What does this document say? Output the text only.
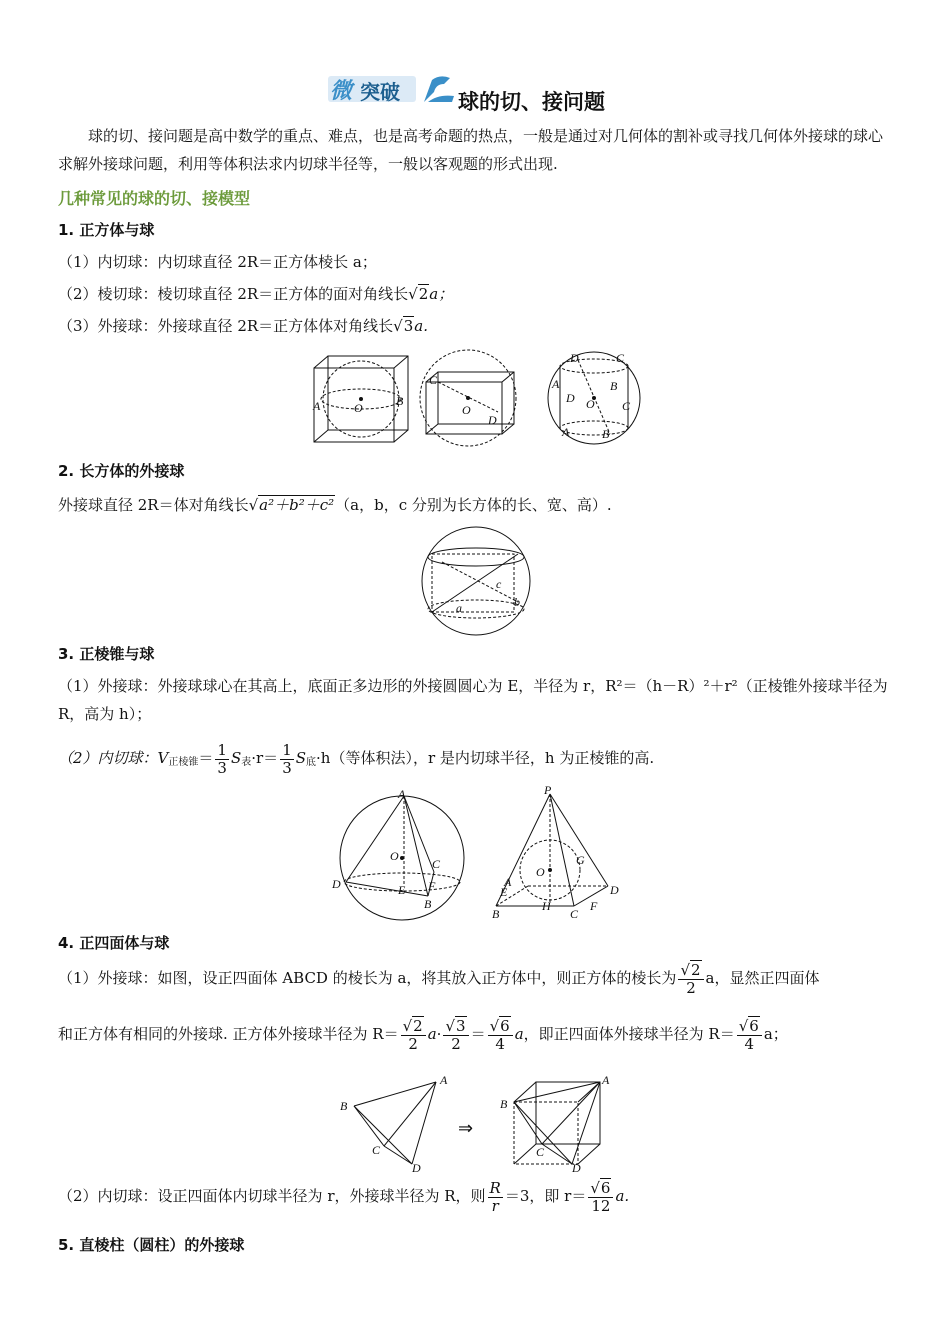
微 突破	球的切、接问题
球的切、接问题是高中数学的重点、难点，也是高考命题的热点，一般是通过对几何体的割补或寻找几何体外接球的球心求解外接球问题，利用等体积法求内切球半径等，一般以客观题的形式出现.
几种常见的球的切、接模型
1. 正方体与球
（1）内切球：内切球直径 2R＝正方体棱长 a；
（2）棱切球：棱切球直径 2R＝正方体的面对角线长√2a；
（3）外接球：外接球直径 2R＝正方体体对角线长√3a.
A	B
O
C
O
D
D	C
A	B
D O C
A	B
2. 长方体的外接球
外接球直径 2R＝体对角线长√a²＋b²＋c²（a，b，c 分别为长方体的长、宽、高）.
c
a	b
3. 正棱锥与球
（1）外接球：外接球球心在其高上，底面正多边形的外接圆圆心为 E，半径为 r，R²＝（h－R）²＋r²（正棱锥外接球半径为 R，高为 h）；
（2）内切球：$V_{正棱锥}= \frac{1}{3} S_表\cdot r= \frac{1}{3} S_底\cdot h$（等体积法），r 是内切球半径，h 为正棱锥的高.
A
O
C
D	E F
B
P
O
G
A
E	D
B
H
C
F
4. 正四面体与球
（1）外接球：如图，设正四面体 ABCD 的棱长为 a，将其放入正方体中，则正方体的棱长为 $\frac{√2}{2}$ a，显然正四面体
和正方体有相同的外接球. 正方体外接球半径为 $R= \frac{√2}{2} a\cdot \frac{√3}{2} = \frac{√6}{4}$ a，即正四面体外接球半径为 $R= \frac{√6}{4}$ a；
B
A
C
D
⇒
B
A
C
D
（2）内切球：设正四面体内切球半径为 r，外接球半径为 R，则 $\frac{R}{r} =3$，即 $r= \frac{√6}{12} a$.
5. 直棱柱（圆柱）的外接球
